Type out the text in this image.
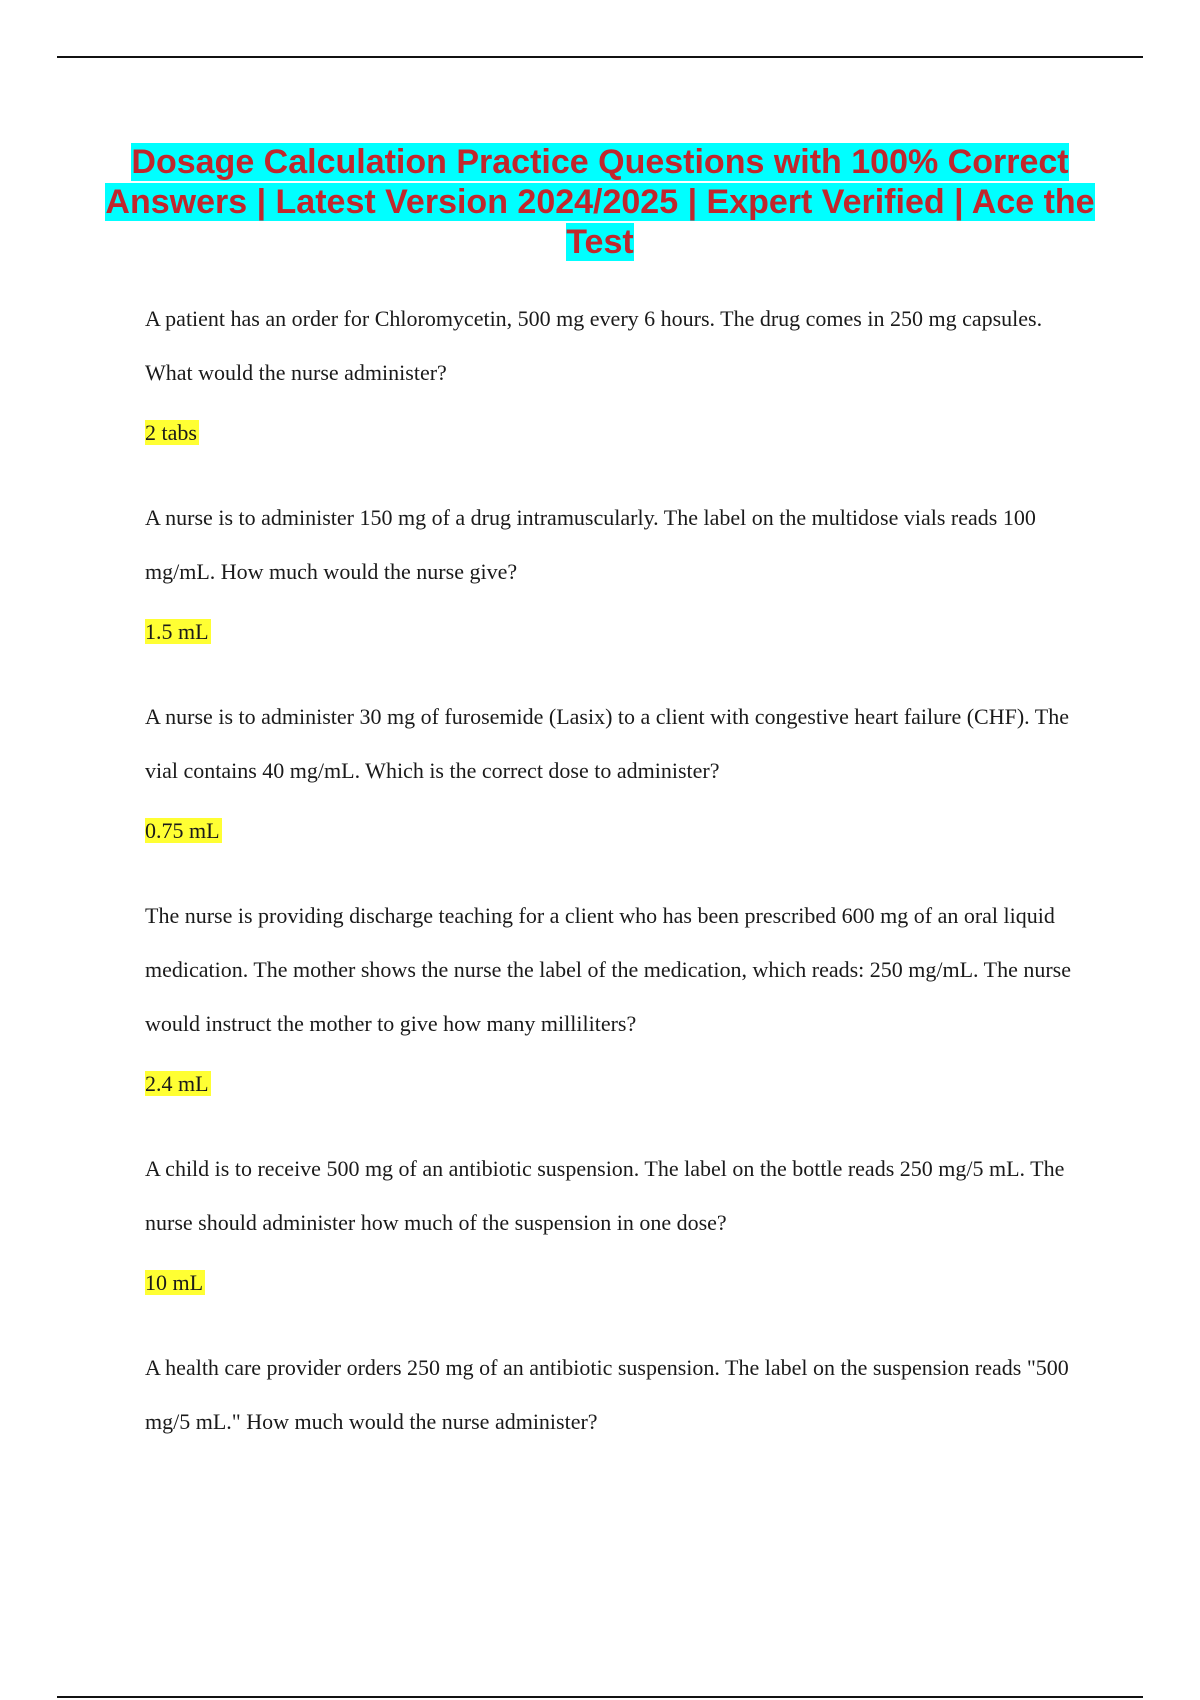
Dosage Calculation Practice Questions with 100% Correct Answers | Latest Version 2024/2025 | Expert Verified | Ace the Test

A patient has an order for Chloromycetin, 500 mg every 6 hours. The drug comes in 250 mg capsules. What would the nurse administer?

2 tabs

A nurse is to administer 150 mg of a drug intramuscularly. The label on the multidose vials reads 100 mg/mL. How much would the nurse give?

1.5 mL

A nurse is to administer 30 mg of furosemide (Lasix) to a client with congestive heart failure (CHF). The vial contains 40 mg/mL. Which is the correct dose to administer?

0.75 mL

The nurse is providing discharge teaching for a client who has been prescribed 600 mg of an oral liquid medication. The mother shows the nurse the label of the medication, which reads: 250 mg/mL. The nurse would instruct the mother to give how many milliliters?

2.4 mL

A child is to receive 500 mg of an antibiotic suspension. The label on the bottle reads 250 mg/5 mL. The nurse should administer how much of the suspension in one dose?

10 mL

A health care provider orders 250 mg of an antibiotic suspension. The label on the suspension reads "500 mg/5 mL." How much would the nurse administer?
